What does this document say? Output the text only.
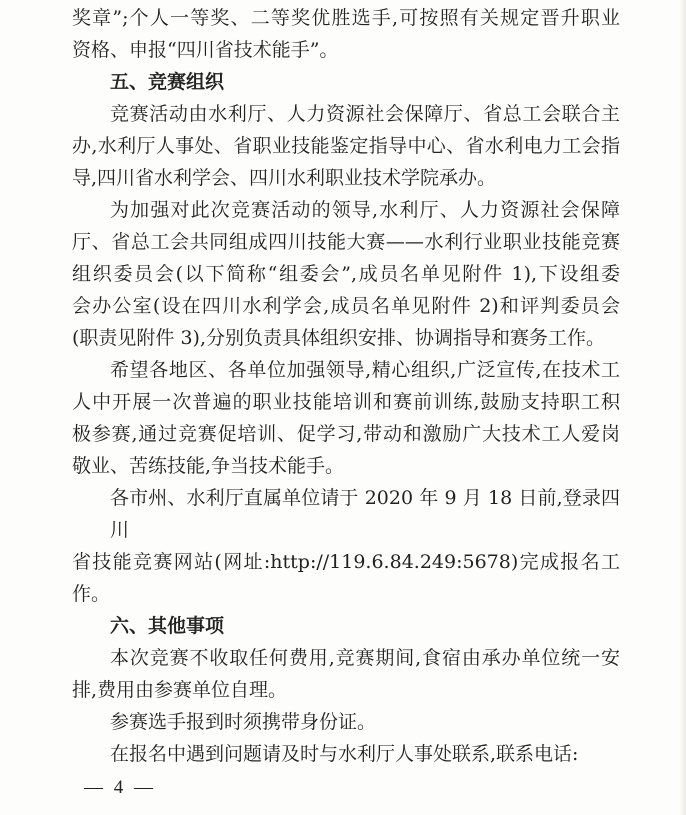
奖章”;个人一等奖、二等奖优胜选手,可按照有关规定晋升职业
资格、申报“四川省技术能手”。
五、竞赛组织
竞赛活动由水利厅、人力资源社会保障厅、省总工会联合主
办,水利厅人事处、省职业技能鉴定指导中心、省水利电力工会指
导,四川省水利学会、四川水利职业技术学院承办。
为加强对此次竞赛活动的领导,水利厅、人力资源社会保障
厅、省总工会共同组成四川技能大赛——水利行业职业技能竞赛
组织委员会(以下简称“组委会”,成员名单见附件 1),下设组委
会办公室(设在四川水利学会,成员名单见附件 2)和评判委员会
(职责见附件 3),分别负责具体组织安排、协调指导和赛务工作。
希望各地区、各单位加强领导,精心组织,广泛宣传,在技术工
人中开展一次普遍的职业技能培训和赛前训练,鼓励支持职工积
极参赛,通过竞赛促培训、促学习,带动和激励广大技术工人爱岗
敬业、苦练技能,争当技术能手。
各市州、水利厅直属单位请于 2020 年 9 月 18 日前,登录四川
省技能竞赛网站(网址:http://119.6.84.249:5678)完成报名工
作。
六、其他事项
本次竞赛不收取任何费用,竞赛期间,食宿由承办单位统一安
排,费用由参赛单位自理。
参赛选手报到时须携带身份证。
在报名中遇到问题请及时与水利厅人事处联系,联系电话:
— 4 —
